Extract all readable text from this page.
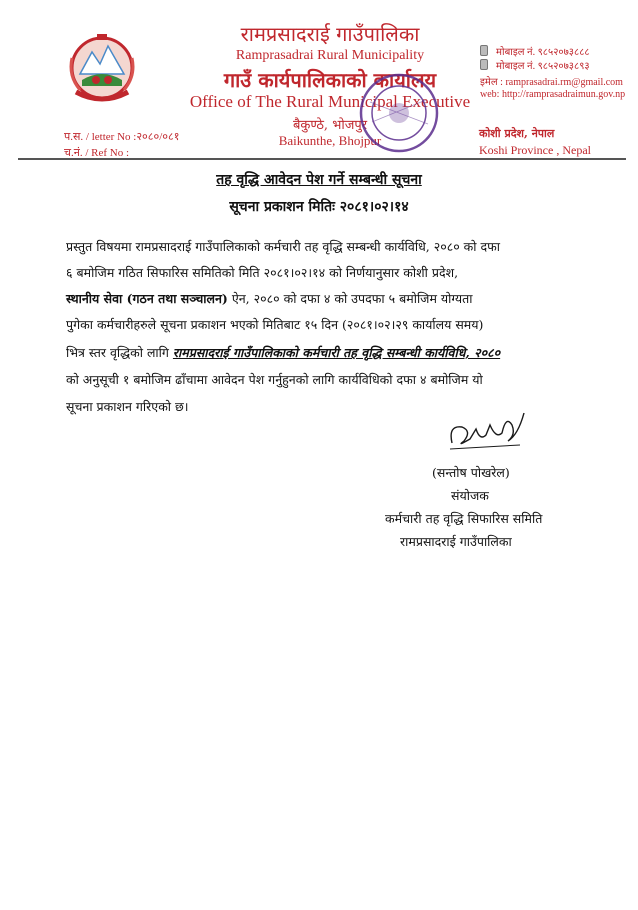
रामप्रसादराई गाउँपालिका
Ramprasadrai Rural Municipality
गाउँ कार्यपालिकाको कार्यालय
Office of The Rural Municipal Executive
बैकुण्ठे, भोजपुर
Baikunthe, Bhojpur
मोबाइल नं. ९८५२०७३८८८
मोबाइल नं. ९८५२०७३८९३
इमेल : ramprasadrai.rm@gmail.com
web: http://ramprasadraimun.gov.np
कोशी प्रदेश, नेपाल
Koshi Province , Nepal
प.स. / letter No :२०८०/०८१
च.नं. / Ref No :
तह वृद्धि आवेदन पेश गर्ने सम्बन्धी सूचना
सूचना प्रकाशन मितिः २०८१।०२।१४
प्रस्तुत विषयमा रामप्रसादराई गाउँपालिकाको कर्मचारी तह वृद्धि सम्बन्धी कार्यविधि, २०८० को दफा
६ बमोजिम गठित सिफारिस समितिको मिति २०८१।०२।१४ को निर्णयानुसार कोशी प्रदेश,
स्थानीय सेवा (गठन तथा सञ्चालन) ऐन, २०८० को दफा ४ को उपदफा ५ बमोजिम योग्यता
पुगेका कर्मचारीहरुले सूचना प्रकाशन भएको मितिबाट १५ दिन (२०८१।०२।२९ कार्यालय समय)
भित्र स्तर वृद्धिको लागि रामप्रसादराई गाउँपालिकाको कर्मचारी तह वृद्धि सम्बन्धी कार्यविधि, २०८०
को अनुसूची १ बमोजिम ढाँचामा आवेदन पेश गर्नुहुनको लागि कार्यविधिको दफा ४ बमोजिम यो
सूचना प्रकाशन गरिएको छ।
(सन्तोष पोखरेल)
संयोजक
कर्मचारी तह वृद्धि सिफारिस समिति
रामप्रसादराई गाउँपालिका
